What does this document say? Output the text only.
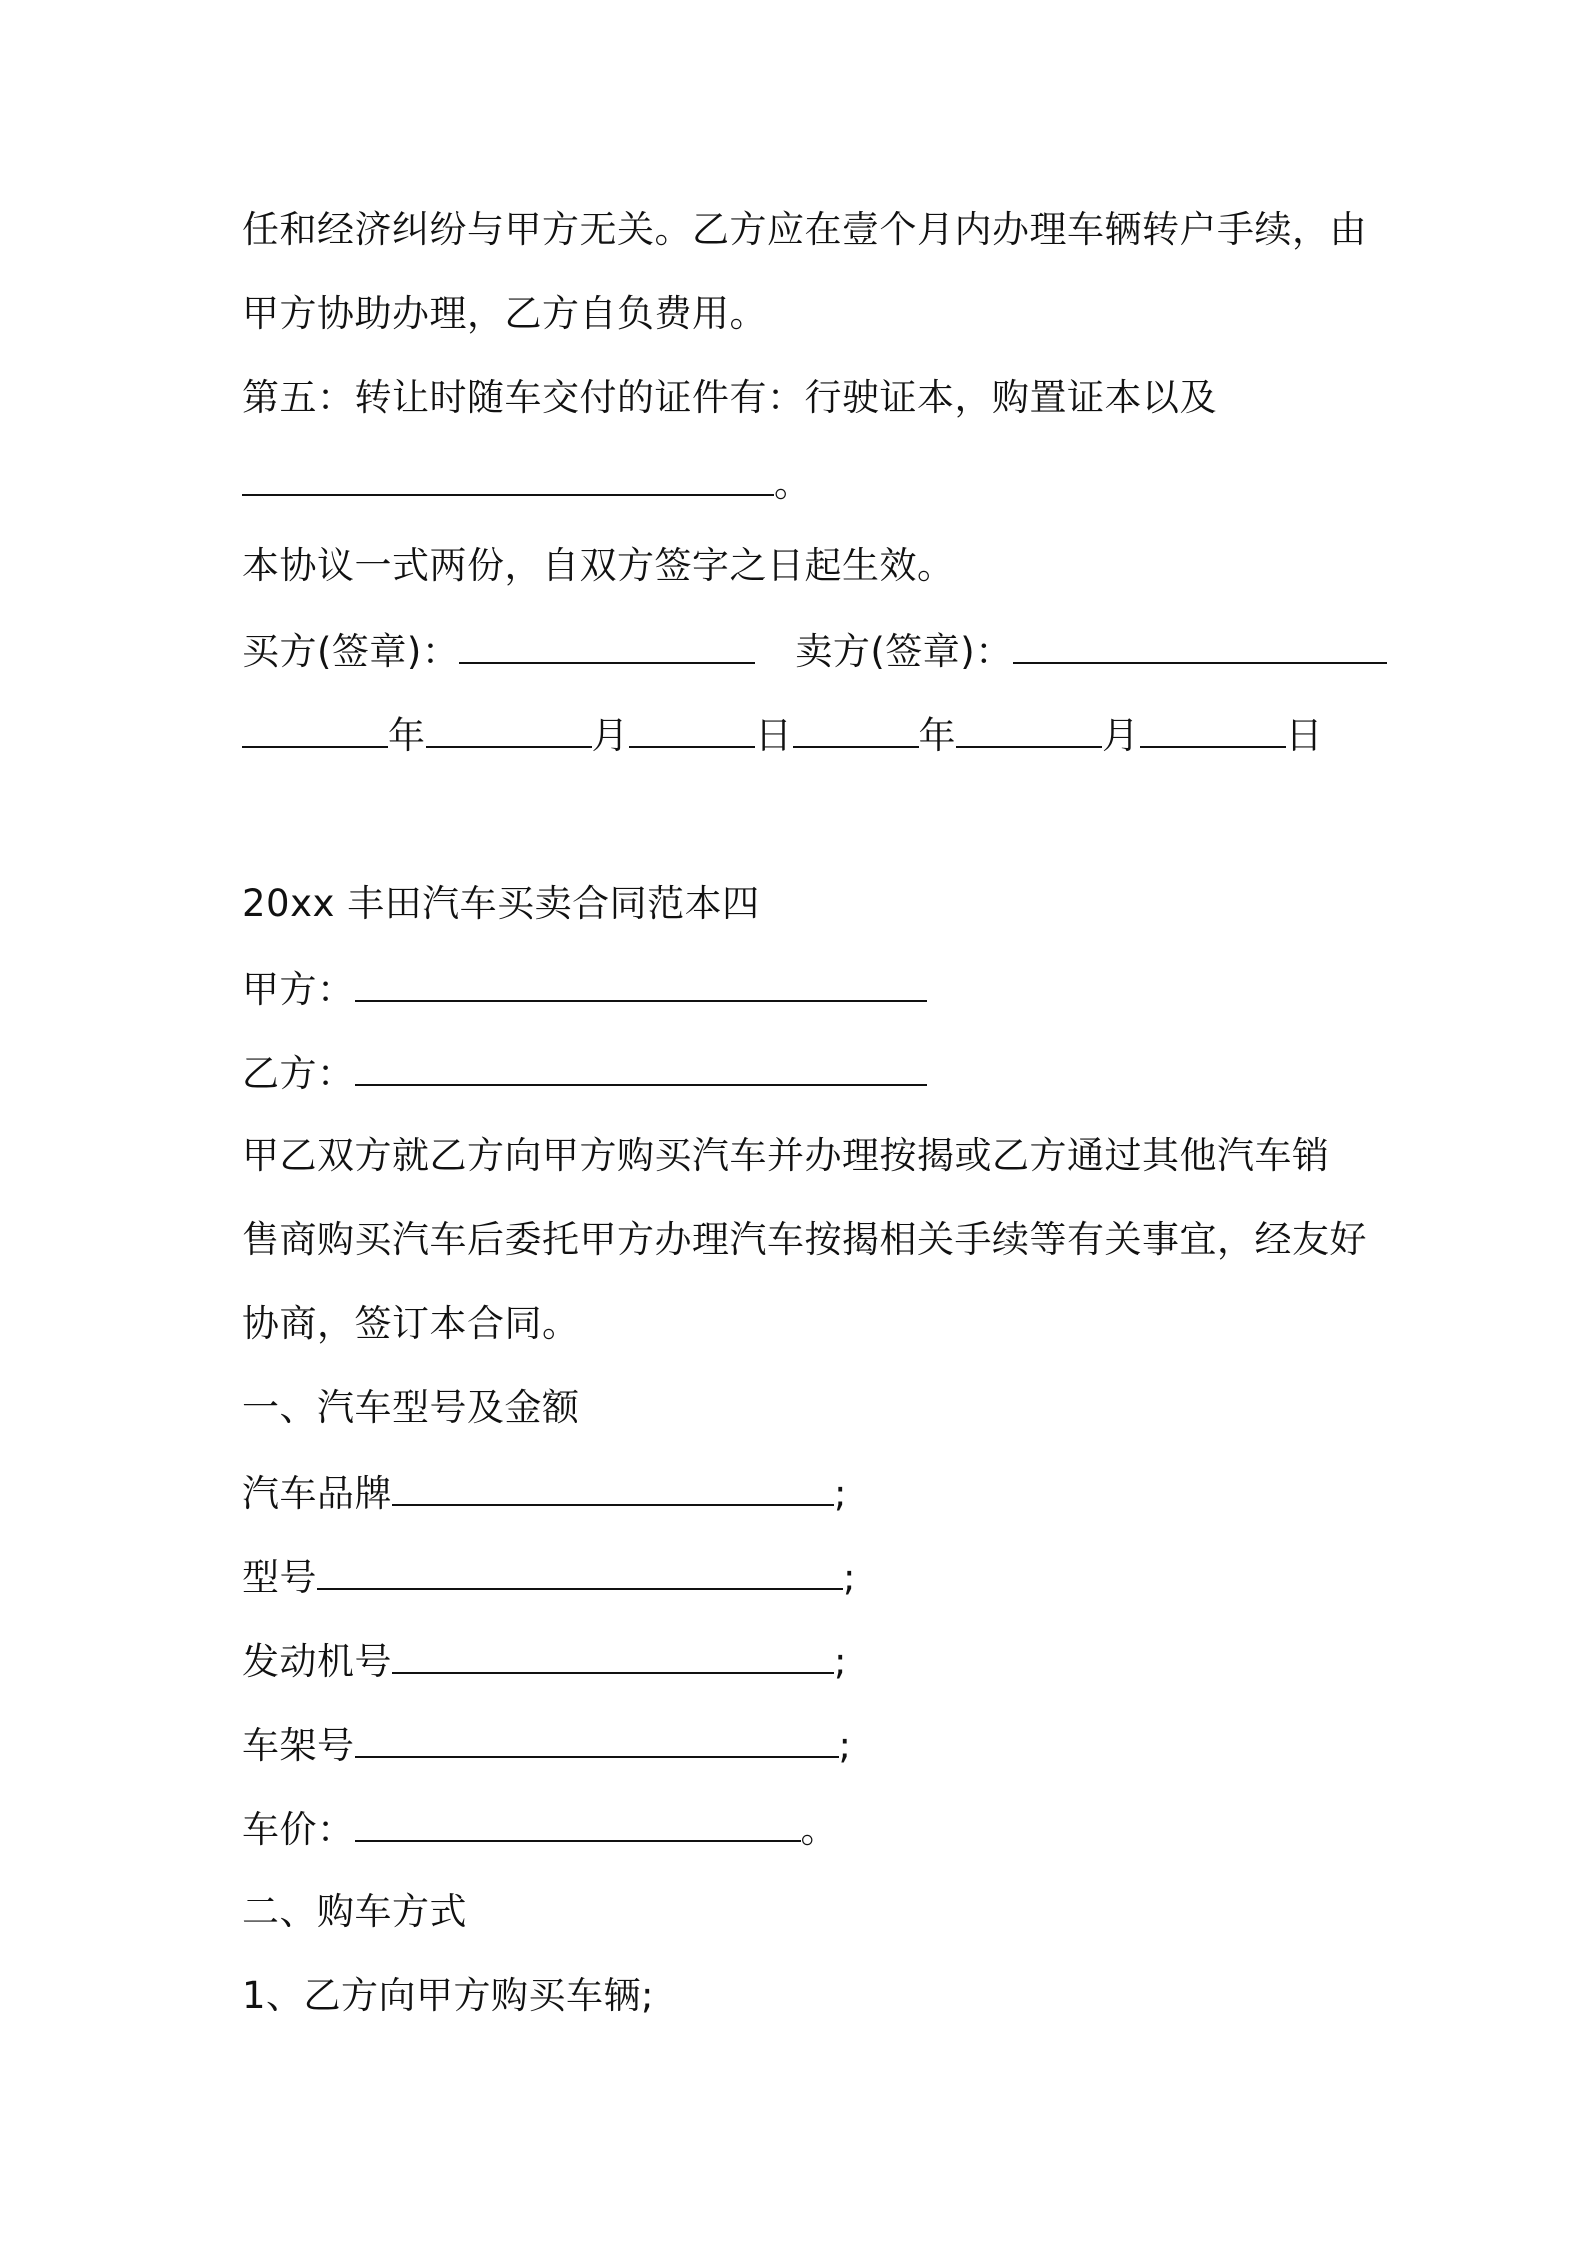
任和经济纠纷与甲方无关。乙方应在壹个月内办理车辆转户手续，由
甲方协助办理，乙方自负费用。
第五：转让时随车交付的证件有：行驶证本，购置证本以及
。
本协议一式两份，自双方签字之日起生效。
买方(签章)：	卖方(签章)：
年	月	日	年	月	日
20xx 丰田汽车买卖合同范本四
甲方：
乙方：
甲乙双方就乙方向甲方购买汽车并办理按揭或乙方通过其他汽车销
售商购买汽车后委托甲方办理汽车按揭相关手续等有关事宜，经友好
协商，签订本合同。
一、汽车型号及金额
汽车品牌	;
型号	;
发动机号	;
车架号	;
车价：	。
二、购车方式
1、乙方向甲方购买车辆;
